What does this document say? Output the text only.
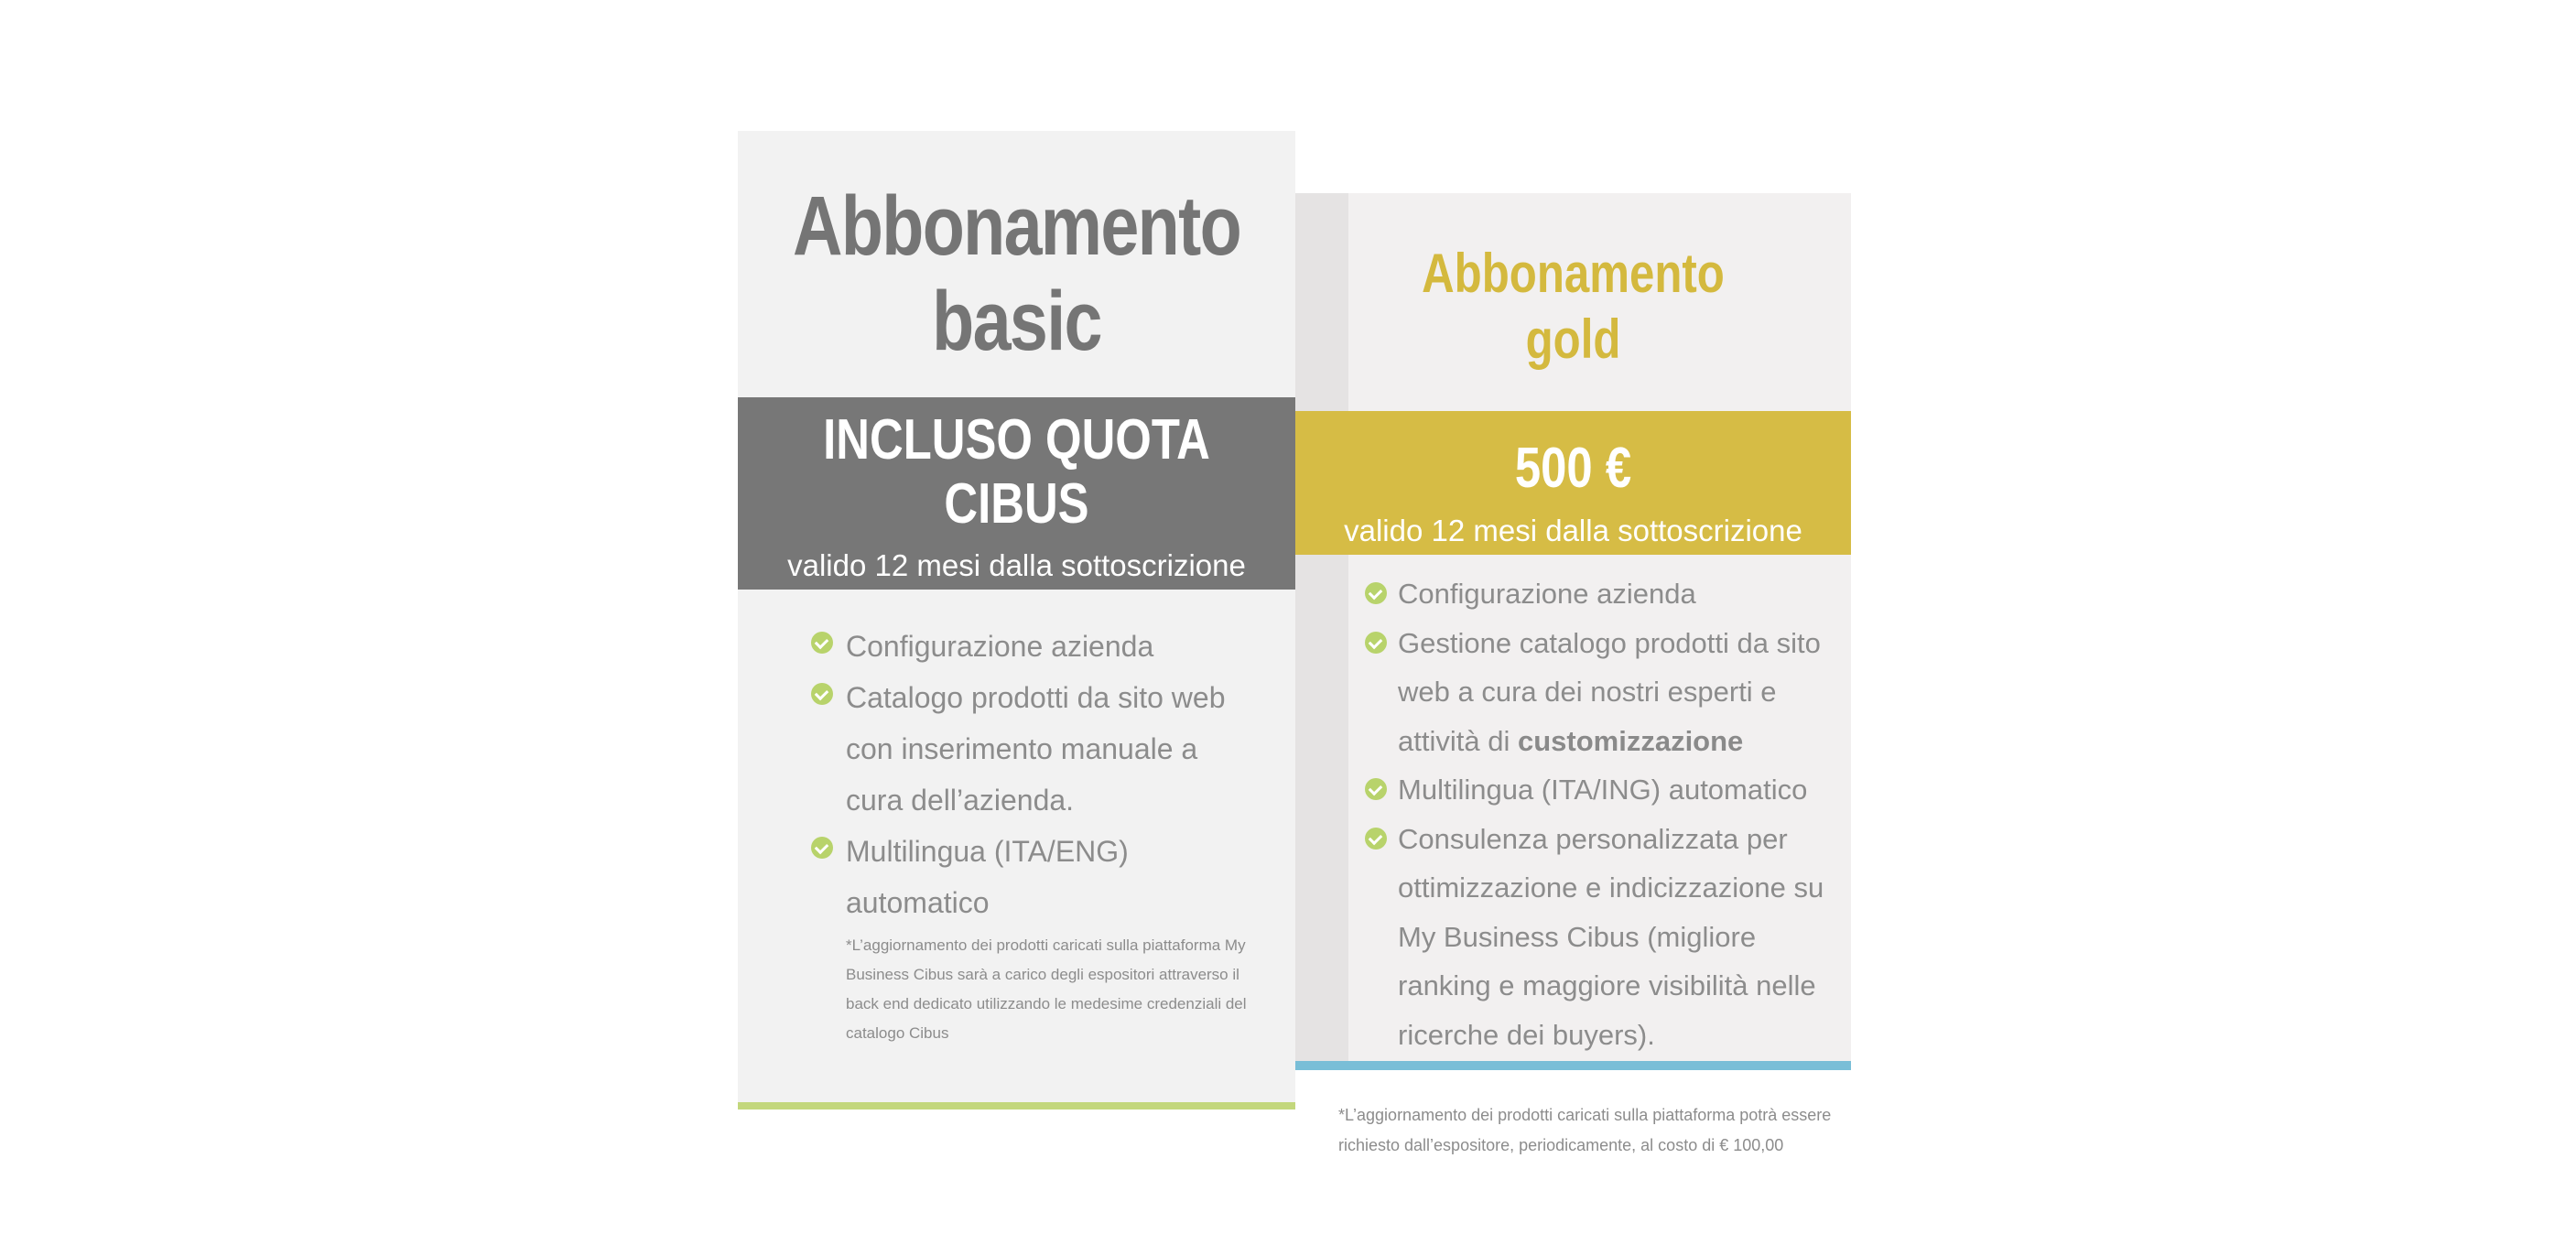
Abbonamento
basic
INCLUSO QUOTA
CIBUS
valido 12 mesi dalla sottoscrizione
Configurazione azienda
Catalogo prodotti da sito web con inserimento manuale a cura dell’azienda.
Multilingua (ITA/ENG) automatico
*L’aggiornamento dei prodotti caricati sulla piattaforma My Business Cibus sarà a carico degli espositori attraverso il back end dedicato utilizzando le medesime credenziali del catalogo Cibus
Abbonamento
gold
500 €
valido 12 mesi dalla sottoscrizione
Configurazione azienda
Gestione catalogo prodotti da sito web a cura dei nostri esperti e attività di customizzazione
Multilingua (ITA/ING) automatico
Consulenza personalizzata per ottimizzazione e indicizzazione su My Business Cibus (migliore ranking e maggiore visibilità nelle ricerche dei buyers).
*L’aggiornamento dei prodotti caricati sulla piattaforma potrà essere richiesto dall’espositore, periodicamente, al costo di € 100,00
